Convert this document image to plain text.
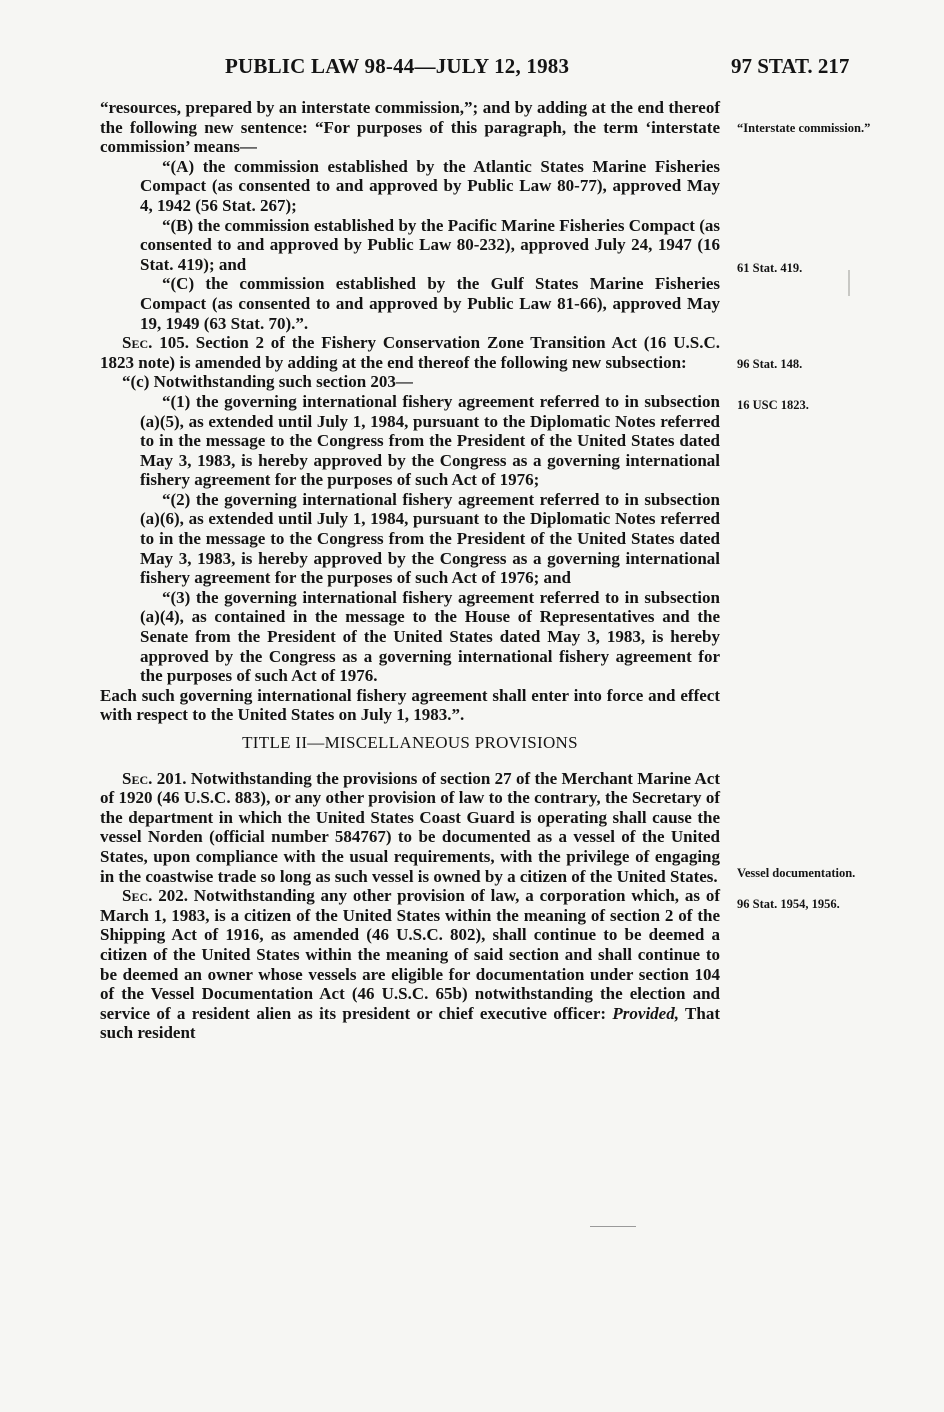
PUBLIC LAW 98-44—JULY 12, 1983	97 STAT. 217

“resources, prepared by an interstate commission,”; and by adding at the end thereof the following new sentence: “For purposes of this paragraph, the term ‘interstate commission’ means—

“(A) the commission established by the Atlantic States Marine Fisheries Compact (as consented to and approved by Public Law 80-77), approved May 4, 1942 (56 Stat. 267);

“(B) the commission established by the Pacific Marine Fisheries Compact (as consented to and approved by Public Law 80-232), approved July 24, 1947 (16 Stat. 419); and

“(C) the commission established by the Gulf States Marine Fisheries Compact (as consented to and approved by Public Law 81-66), approved May 19, 1949 (63 Stat. 70).”.

Sec. 105. Section 2 of the Fishery Conservation Zone Transition Act (16 U.S.C. 1823 note) is amended by adding at the end thereof the following new subsection:

“(c) Notwithstanding such section 203—

“(1) the governing international fishery agreement referred to in subsection (a)(5), as extended until July 1, 1984, pursuant to the Diplomatic Notes referred to in the message to the Congress from the President of the United States dated May 3, 1983, is hereby approved by the Congress as a governing international fishery agreement for the purposes of such Act of 1976;

“(2) the governing international fishery agreement referred to in subsection (a)(6), as extended until July 1, 1984, pursuant to the Diplomatic Notes referred to in the message to the Congress from the President of the United States dated May 3, 1983, is hereby approved by the Congress as a governing international fishery agreement for the purposes of such Act of 1976; and

“(3) the governing international fishery agreement referred to in subsection (a)(4), as contained in the message to the House of Representatives and the Senate from the President of the United States dated May 3, 1983, is hereby approved by the Congress as a governing international fishery agreement for the purposes of such Act of 1976.

Each such governing international fishery agreement shall enter into force and effect with respect to the United States on July 1, 1983.”.

TITLE II—MISCELLANEOUS PROVISIONS

Sec. 201. Notwithstanding the provisions of section 27 of the Merchant Marine Act of 1920 (46 U.S.C. 883), or any other provision of law to the contrary, the Secretary of the department in which the United States Coast Guard is operating shall cause the vessel Norden (official number 584767) to be documented as a vessel of the United States, upon compliance with the usual requirements, with the privilege of engaging in the coastwise trade so long as such vessel is owned by a citizen of the United States.

Sec. 202. Notwithstanding any other provision of law, a corporation which, as of March 1, 1983, is a citizen of the United States within the meaning of section 2 of the Shipping Act of 1916, as amended (46 U.S.C. 802), shall continue to be deemed a citizen of the United States within the meaning of said section and shall continue to be deemed an owner whose vessels are eligible for documentation under section 104 of the Vessel Documentation Act (46 U.S.C. 65b) notwithstanding the election and service of a resident alien as its president or chief executive officer: Provided, That such resident

“Interstate commission.”
61 Stat. 419.
96 Stat. 148.
16 USC 1823.
Vessel documentation.
96 Stat. 1954, 1956.
